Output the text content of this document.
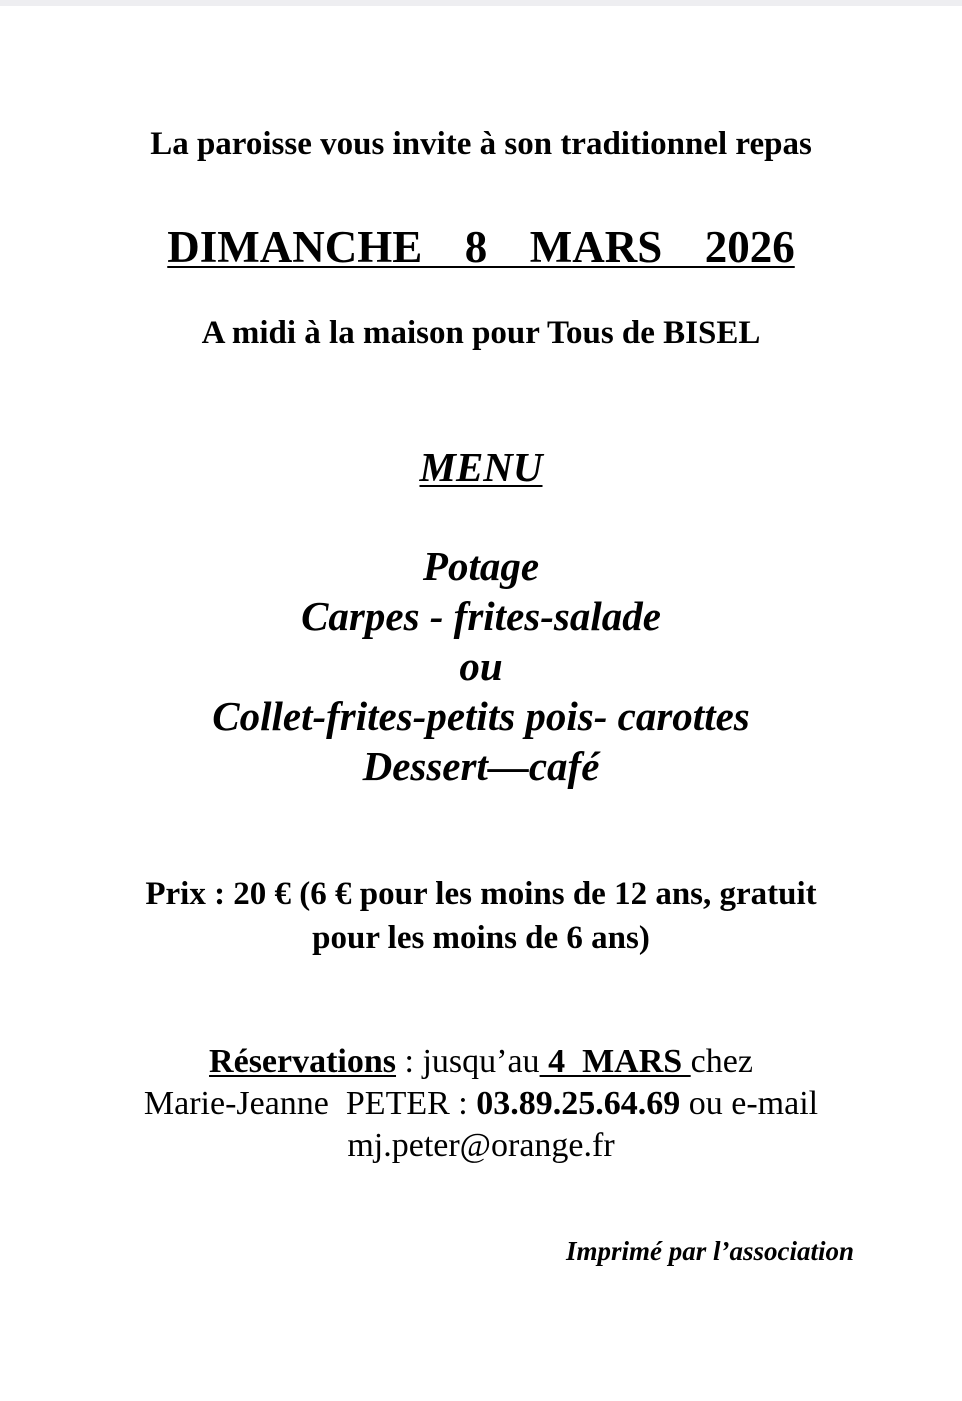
La paroisse vous invite à son traditionnel repas
DIMANCHE  8  MARS  2026
A midi à la maison pour Tous de BISEL
MENU
Potage
Carpes - frites-salade
ou
Collet-frites-petits pois- carottes
Dessert—café
Prix : 20 € (6 € pour les moins de 12 ans, gratuit
pour les moins de 6 ans)
Réservations : jusqu’au 4  MARS chez
Marie-Jeanne  PETER : 03.89.25.64.69 ou e-mail
mj.peter@orange.fr
Imprimé par l’association
